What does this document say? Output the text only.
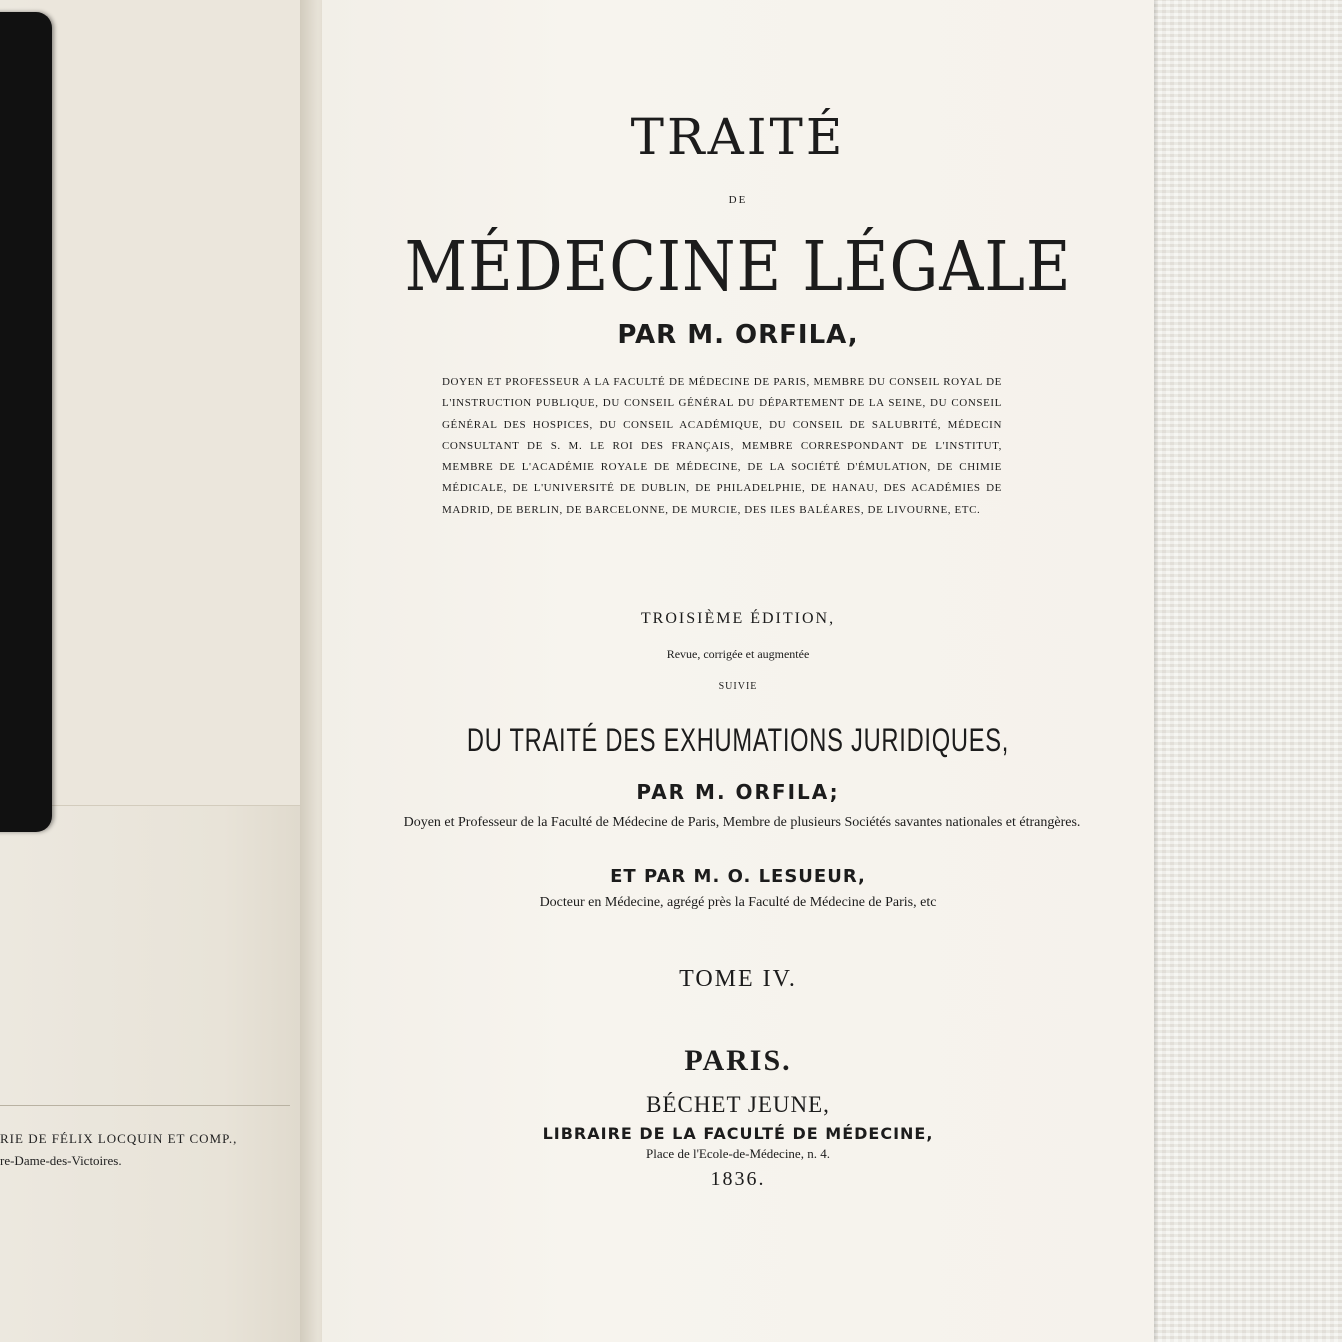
RIE DE FÉLIX LOCQUIN ET COMP.,
re-Dame-des-Victoires.
TRAITÉ
DE
MÉDECINE LÉGALE
PAR M. ORFILA,
DOYEN ET PROFESSEUR A LA FACULTÉ DE MÉDECINE DE PARIS, MEMBRE DU CONSEIL ROYAL DE L'INSTRUCTION PUBLIQUE, DU CONSEIL GÉNÉRAL DU DÉPARTEMENT DE LA SEINE, DU CONSEIL GÉNÉRAL DES HOSPICES, DU CONSEIL ACADÉMIQUE, DU CONSEIL DE SALUBRITÉ, MÉDECIN CONSULTANT DE S. M. LE ROI DES FRANÇAIS, MEMBRE CORRESPONDANT DE L'INSTITUT, MEMBRE DE L'ACADÉMIE ROYALE DE MÉDECINE, DE LA SOCIÉTÉ D'ÉMULATION, DE CHIMIE MÉDICALE, DE L'UNIVERSITÉ DE DUBLIN, DE PHILADELPHIE, DE HANAU, DES ACADÉMIES DE MADRID, DE BERLIN, DE BARCELONNE, DE MURCIE, DES ILES BALÉARES, DE LIVOURNE, ETC.
TROISIÈME ÉDITION,
Revue, corrigée et augmentée
SUIVIE
DU TRAITÉ DES EXHUMATIONS JURIDIQUES,
PAR M. ORFILA;
Doyen et Professeur de la Faculté de Médecine de Paris, Membre de plusieurs Sociétés savantes nationales et étrangères.
ET PAR M. O. LESUEUR,
Docteur en Médecine, agrégé près la Faculté de Médecine de Paris, etc
TOME IV.
PARIS.
BÉCHET JEUNE,
LIBRAIRE DE LA FACULTÉ DE MÉDECINE,
Place de l'Ecole-de-Médecine, n. 4.
1836.
